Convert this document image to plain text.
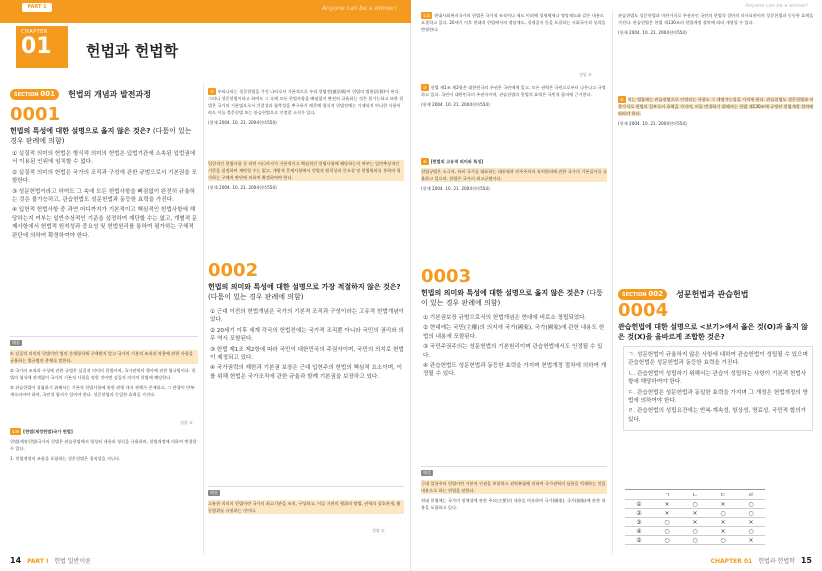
PART 1	Anyone can be a winner!
CHAPTER
01	헌법과 헌법학
SECTION 001 헌법의 개념과 발전과정
0001
헌법의 특성에 대한 설명으로 옳지 않은 것은? (다툼이 있는 경우 판례에 의함)

① 실질적 의미의 헌법은 형식적 의미의 헌법은 입법기관에 소속된 입법권에서 이용된 인위에 임치할 수 없다.

② 실질적 의미의 헌법은 국가의 조직과 구성에 관한 규범으로서 기본권을 포함한다.

③ 성문헌법이라고 하여도 그 속에 모든 헌법사항을 빠짐없이 완전히 규율하는 것은 불가능하고, 관습헌법도 성문헌법과 동등한 효력을 가진다.

④ 입헌적 헌법사항 중 과연 어디까지가 기본적이고 핵심적인 헌법사항에 해당하는지 여부는 일반추상적인 기준을 설정하여 재단할 수는 없고, 개별적 문제사항에서 헌법적 원칙성과 중요성 및 헌법원리를 통하여 평가하는 구체적 판단에 의하여 확정하여야 한다.

해설

① 실질적 의미의 헌법이란 법의 존재형식에 구애받지 않고 국가의 기본적 조직과 작용에 관한 사항을 규율하는 법규범의 총체를 말한다.

② 국가의 조직과 구성에 관한 규범은 실질적 의미의 헌법이며, 국가권력의 행사에 관한 법규범이다. 헌법의 형식에 관계없이 국가의 기본적 사항을 정한 것이면 실질적 의미의 헌법에 해당한다.

③ 관습헌법이 성립하기 위해서는 기본적 헌법사항에 관한 관행 내지 관례가 존재하고, 그 관행이 반복·계속되어야 하며, 국민적 합의가 있어야 한다. 성문헌법과 동일한 효력을 가진다.

정답 ③

①④ [헌법(제정헌법)국가 헌법]

헌법(제정헌법)국가의 헌법은 관습헌법에서 형성된 내용과 형식을 규율하며, 헌법개정에 의하여 변경할 수 있다.

1. 헌법개정의 조항을 포함하는 성문헌법은 경직성을 지닌다.

④ 우리나라는 성문헌법을 가진 나라로서 기본적으로 우리 헌법전(憲法典)이 헌법의 법원(法源)이 된다. 그러나 성문헌법이라고 하여도 그 속에 모든 헌법사항을 빠짐없이 완전히 규율하는 것은 불가능하고 또한 헌법은 국가의 기본법으로서 간결성과 함축성을 추구하기 때문에 형식적 헌법전에는 기재되지 아니한 사항이라도 이를 불문헌법 또는 관습헌법으로 인정할 소지가 있다.

(헌재 2004. 10. 21. 2004헌마554)

입헌적인 헌법사항 중 과연 어디까지가 기본적이고 핵심적인 헌법사항에 해당하는지 여부는 일반추상적인 기준을 설정하여 재단할 수는 없고, 개별적 문제사항에서 헌법적 원칙성과 중요성 및 헌법원리를 통하여 평가하는 구체적 판단에 의하여 확정하여야 한다.

(헌재 2004. 10. 21. 2004헌마554)

0002
헌법의 의미와 특성에 대한 설명으로 가장 적절하지 않은 것은? (다툼이 있는 경우 판례에 의함)

① 근대 이전의 헌법개념은 국가의 기본적 조직과 구성이라는 고유적 헌법개념이었다.

② 20세기 이후 세계 각국의 헌법전에는 국가적 조직뿐 아니라 국민의 권리와 의무 역시 포함된다.

③ 헌법 제1조 제2항에 따라 국민이 대한민국의 주권자이며, 국민의 의지로 헌법이 제정되고 있다.

④ 국가권력의 제한과 기본권 보장은 근대 입헌주의 헌법의 핵심적 요소이며, 이를 위해 헌법은 국가조직에 관한 규율과 함께 기본권을 보장하고 있다.

해설

고유한 의미의 헌법이란 국가의 최고기관을 조직, 구성하고, 이들 기관의 행위의 방법, 권력의 상호관계, 활동범위를 규정하는 것이다.

정답 ②
14 PART I 헌법 일반이론
Anyone can be a winner!

①② 현대사회복지국가의 헌법은 국가적 조직이나 제도 이외에 경제체제나 정당제도와 같은 내용도 포괄하고 있다. 20세기 이후 현대적 헌법에서의 정당제도, 경제질서 등을 포괄하는 사회국가적 성격을 반영한다.

정답 ③

③ 헌법 제1조 제2항은 대한민국의 주권은 국민에게 있고, 모든 권력은 국민으로부터 나온다고 규정하고 있다. 국민이 대한민국의 주권자이며, 관습헌법의 헌법적 효력은 국민적 합의에 근거한다.

(헌재 2004. 10. 21. 2004헌마554)

④ [헌법의 고유적 의미와 특징]

헌법규범은 소극적, 특히 국가를 대표하는 대통령과 민주주의의 통치원리에 관한 국가의 기본질서를 규율하고 있으며, 헌법은 국가의 최고규범이다.

(헌재 2004. 10. 21. 2004헌마554)

0003
헌법의 의미와 특성에 대한 설명으로 옳지 않은 것은? (다툼이 있는 경우 판례에 의함)

① 기본권보장 규범으로서의 헌법개념은 현대에 비로소 정립되었다.

② 현대에는 국민(主權)의 의지에 국가(國家), 국가(國家)에 관한 내용도 헌법의 내용에 포함된다.

③ 국민주권주의는 성문헌법의 기본원리이며 관습헌법에서도 인정될 수 있다.

④ 관습헌법도 성문헌법과 동등한 효력을 가지며 헌법개정 절차에 의하여 개정될 수 있다.

해설

근대 입헌주의 헌법이란 기본적 인권을 보장하고 권력분립에 의하여 국가권력의 남용을 억제하는 것을 내용으로 하는 헌법을 말한다.

현대 헌법에는 국가의 정체성에 관한 주요(主要)의 내용을 비롯하여 국가(國家), 국가(國家)에 관한 내용을 포함하고 있다.

관습헌법도 성문헌법과 마찬가지로 주권자인 국민의 헌법적 결단의 의사표현이며 성문헌법과 동등한 효력을 가진다. 관습헌법은 헌법 제130조의 헌법개정 절차에 따라 개정될 수 있다.

(헌재 2004. 10. 21. 2004헌마554)

④ 이는 법률에는 관습헌법으로 인정되는 사항도 그 개정가능성을 가지게 된다. 관습헌법도 성문헌법과 마찬가지로 헌법의 일부로서 효력을 가지며, 이를 변경하기 위해서는 헌법 제130조에 규정된 헌법개정 절차에 따라야 한다.

(헌재 2004. 10. 21. 2004헌마554)

SECTION 002 성문헌법과 관습헌법
0004
관습헌법에 대한 설명으로 <보기>에서 옳은 것(O)과 옳지 않은 것(X)을 올바르게 조합한 것은?

ㄱ. 성문헌법이 규율하지 않은 사항에 대하여 관습헌법이 성립될 수 있으며 관습헌법은 성문헌법과 동등한 효력을 가진다.

ㄴ. 관습헌법이 성립하기 위해서는 관습이 성립하는 사항이 기본적 헌법사항에 해당하여야 한다.

ㄷ. 관습헌법은 성문헌법과 동일한 효력을 가지며 그 개정은 헌법개정의 방법에 의하여야 한다.

ㄹ. 관습헌법의 성립요건에는 반복·계속성, 항상성, 명료성, 국민적 합의가 있다.

	ㄱ	ㄴ	ㄷ	ㄹ
①	×	○	×	○
②	×	×	○	○
③	○	×	×	×
④	○	○	×	○
⑤	○	○	○	×
CHAPTER 01 헌법과 헌법학 15
